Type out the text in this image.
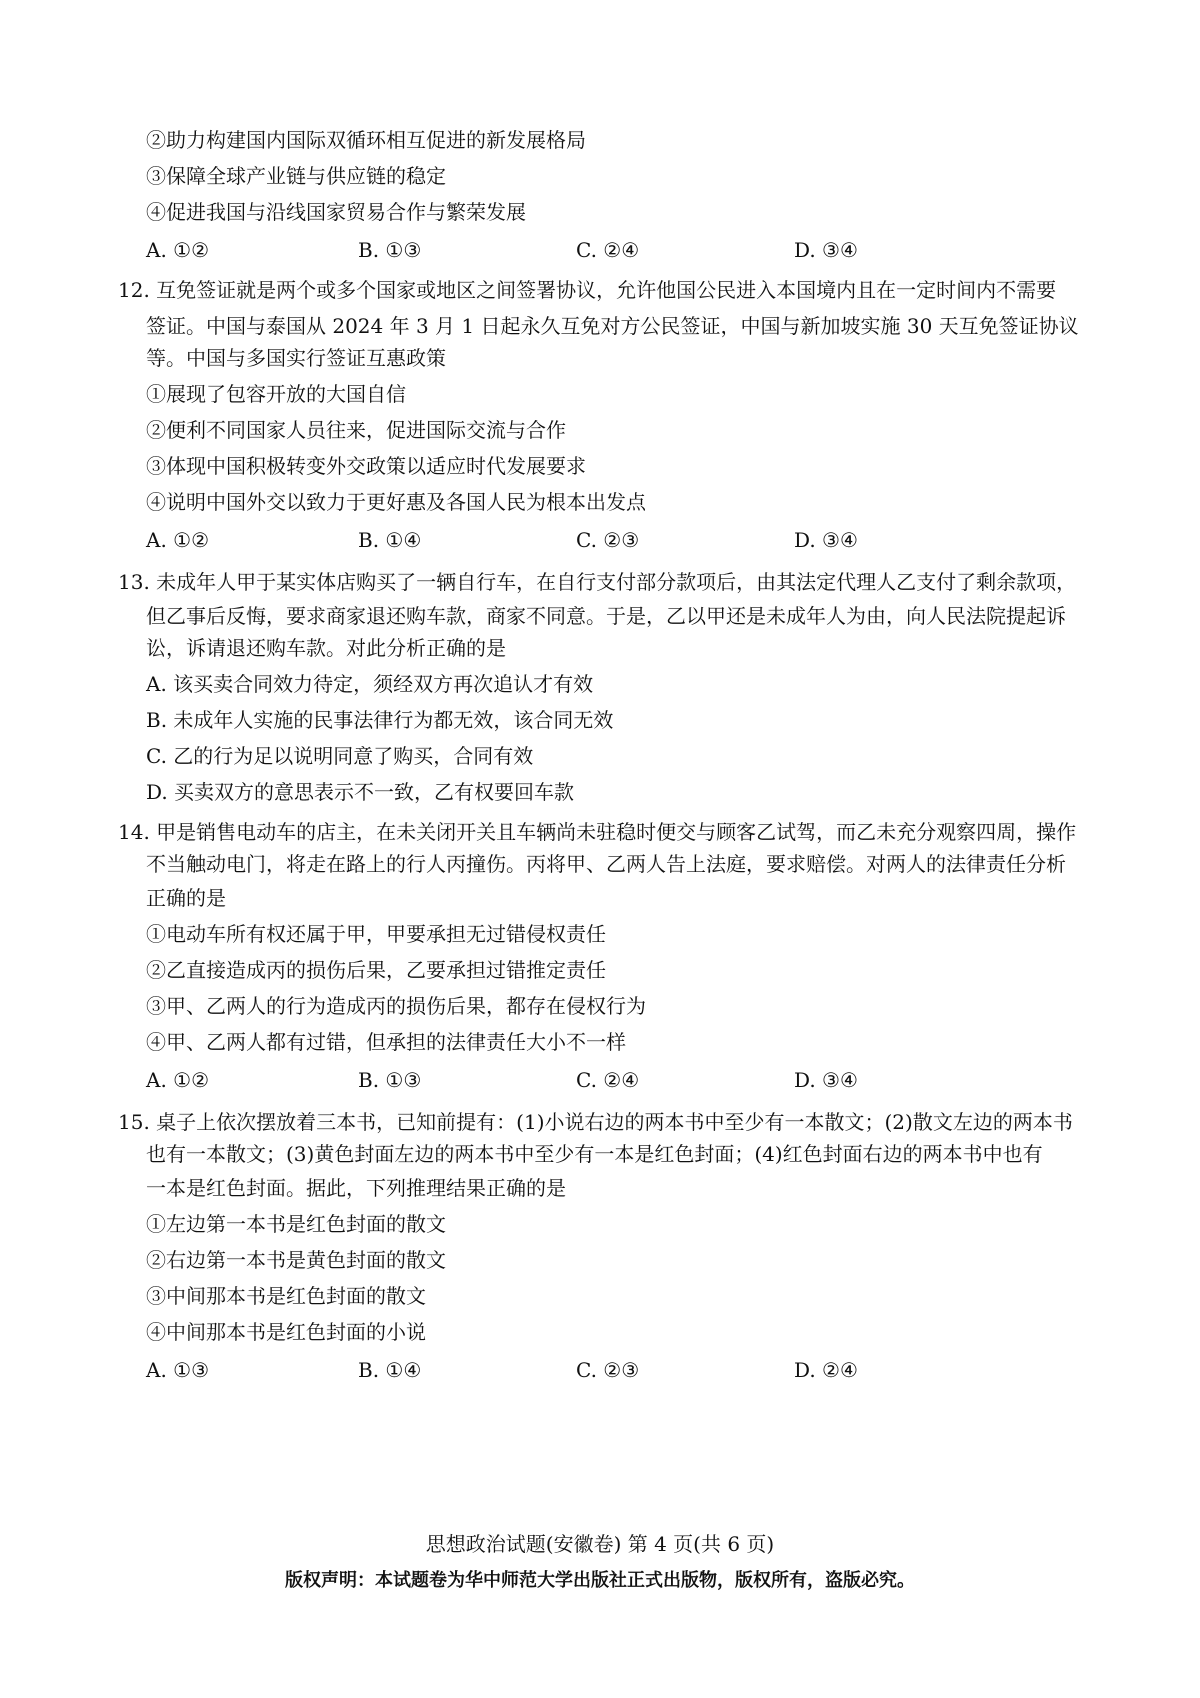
②助力构建国内国际双循环相互促进的新发展格局
③保障全球产业链与供应链的稳定
④促进我国与沿线国家贸易合作与繁荣发展
A. ①②	B. ①③	C. ②④	D. ③④
12. 互免签证就是两个或多个国家或地区之间签署协议，允许他国公民进入本国境内且在一定时间内不需要
签证。中国与泰国从 2024 年 3 月 1 日起永久互免对方公民签证，中国与新加坡实施 30 天互免签证协议
等。中国与多国实行签证互惠政策
①展现了包容开放的大国自信
②便利不同国家人员往来，促进国际交流与合作
③体现中国积极转变外交政策以适应时代发展要求
④说明中国外交以致力于更好惠及各国人民为根本出发点
A. ①②	B. ①④	C. ②③	D. ③④
13. 未成年人甲于某实体店购买了一辆自行车，在自行支付部分款项后，由其法定代理人乙支付了剩余款项，
但乙事后反悔，要求商家退还购车款，商家不同意。于是，乙以甲还是未成年人为由，向人民法院提起诉
讼，诉请退还购车款。对此分析正确的是
A. 该买卖合同效力待定，须经双方再次追认才有效
B. 未成年人实施的民事法律行为都无效，该合同无效
C. 乙的行为足以说明同意了购买，合同有效
D. 买卖双方的意思表示不一致，乙有权要回车款
14. 甲是销售电动车的店主，在未关闭开关且车辆尚未驻稳时便交与顾客乙试驾，而乙未充分观察四周，操作
不当触动电门，将走在路上的行人丙撞伤。丙将甲、乙两人告上法庭，要求赔偿。对两人的法律责任分析
正确的是
①电动车所有权还属于甲，甲要承担无过错侵权责任
②乙直接造成丙的损伤后果，乙要承担过错推定责任
③甲、乙两人的行为造成丙的损伤后果，都存在侵权行为
④甲、乙两人都有过错，但承担的法律责任大小不一样
A. ①②	B. ①③	C. ②④	D. ③④
15. 桌子上依次摆放着三本书，已知前提有：(1)小说右边的两本书中至少有一本散文；(2)散文左边的两本书
也有一本散文；(3)黄色封面左边的两本书中至少有一本是红色封面；(4)红色封面右边的两本书中也有
一本是红色封面。据此，下列推理结果正确的是
①左边第一本书是红色封面的散文
②右边第一本书是黄色封面的散文
③中间那本书是红色封面的散文
④中间那本书是红色封面的小说
A. ①③	B. ①④	C. ②③	D. ②④
思想政治试题(安徽卷) 第 4 页(共 6 页)
版权声明：本试题卷为华中师范大学出版社正式出版物，版权所有，盗版必究。
